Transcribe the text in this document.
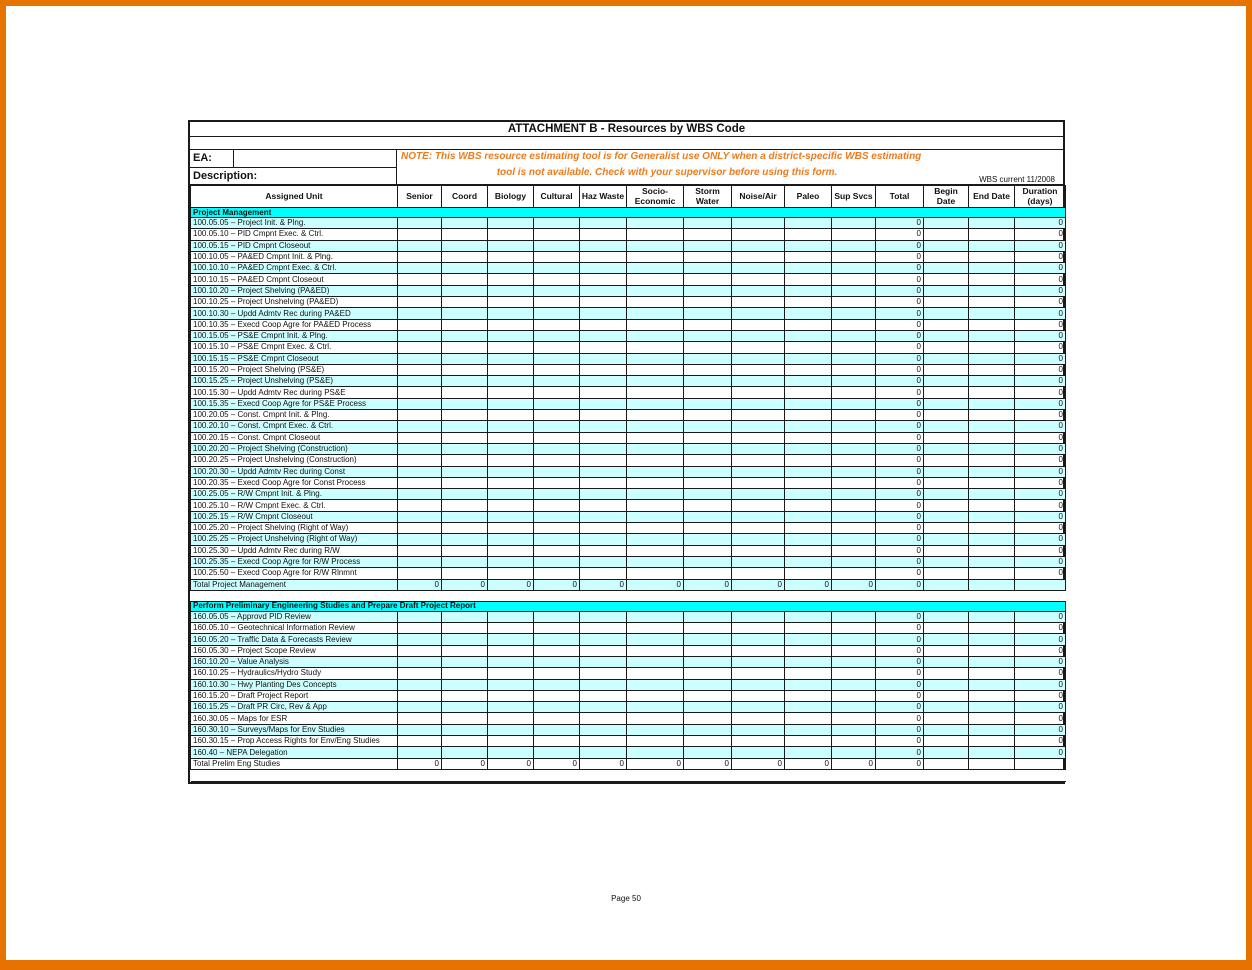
ATTACHMENT B - Resources by WBS Code
EA:
Description:
NOTE: This WBS resource estimating tool is for Generalist use ONLY when a district-specific WBS estimating
tool is not available. Check with your supervisor before using this form.
WBS current 11/2008
Assigned Unit	Senior	Coord	Biology	Cultural	Haz Waste	Socio-Economic	Storm Water	Noise/Air	Paleo	Sup Svcs	Total	Begin Date	End Date	Duration (days)
Project Management														
100.05.05 – Project Init. & Plng.											0			0
100.05.10 – PID Cmpnt Exec. & Ctrl.											0			0
100.05.15 – PID Cmpnt Closeout											0			0
100.10.05 – PA&ED Cmpnt Init. & Plng.											0			0
100.10.10 – PA&ED Cmpnt Exec. & Ctrl.											0			0
100.10.15 – PA&ED Cmpnt Closeout											0			0
100.10.20 – Project Shelving (PA&ED)											0			0
100.10.25 – Project Unshelving (PA&ED)											0			0
100.10.30 – Updd Admtv Rec during PA&ED											0			0
100.10.35 – Execd Coop Agre for PA&ED Process											0			0
100.15.05 – PS&E Cmpnt Init. & Plng.											0			0
100.15.10 – PS&E Cmpnt Exec. & Ctrl.											0			0
100.15.15 – PS&E Cmpnt Closeout											0			0
100.15.20 – Project Shelving (PS&E)											0			0
100.15.25 – Project Unshelving (PS&E)											0			0
100.15.30 – Updd Admtv Rec during PS&E											0			0
100.15.35 – Execd Coop Agre for PS&E Process											0			0
100.20.05 – Const. Cmpnt Init. & Plng.											0			0
100.20.10 – Const. Cmpnt Exec. & Ctrl.											0			0
100.20.15 – Const. Cmpnt Closeout											0			0
100.20.20 – Project Shelving (Construction)											0			0
100.20.25 – Project Unshelving (Construction)											0			0
100.20.30 – Updd Admtv Rec during Const											0			0
100.20.35 – Execd Coop Agre for Const Process											0			0
100.25.05 – R/W Cmpnt Init. & Plng.											0			0
100.25.10 – R/W Cmpnt Exec. & Ctrl.											0			0
100.25.15 – R/W Cmpnt Closeout											0			0
100.25.20 – Project Shelving (Right of Way)											0			0
100.25.25 – Project Unshelving (Right of Way)											0			0
100.25.30 – Updd Admtv Rec during R/W											0			0
100.25.35 – Execd Coop Agre for R/W Process											0			0
100.25.50 – Execd Coop Agre for R/W Rlnmnt											0			0
Total Project Management	0	0	0	0	0	0	0	0	0	0	0			

Perform Preliminary Engineering Studies and Prepare Draft Project Report														
160.05.05 – Approvd PID Review											0			0
160.05.10 – Geotechnical Information Review											0			0
160.05.20 – Traffic Data & Forecasts Review											0			0
160.05.30 – Project Scope Review											0			0
160.10.20 – Value Analysis											0			0
160.10.25 – Hydraulics/Hydro Study											0			0
160.10.30 – Hwy Planting Des Concepts											0			0
160.15.20 – Draft Project Report											0			0
160.15.25 – Draft PR Circ, Rev & App											0			0
160.30.05 – Maps for ESR											0			0
160.30.10 – Surveys/Maps for Env Studies											0			0
160.30.15 – Prop Access Rights for Env/Eng Studies											0			0
160.40 – NEPA Delegation											0			0
Total Prelim Eng Studies	0	0	0	0	0	0	0	0	0	0	0			

Page 50
